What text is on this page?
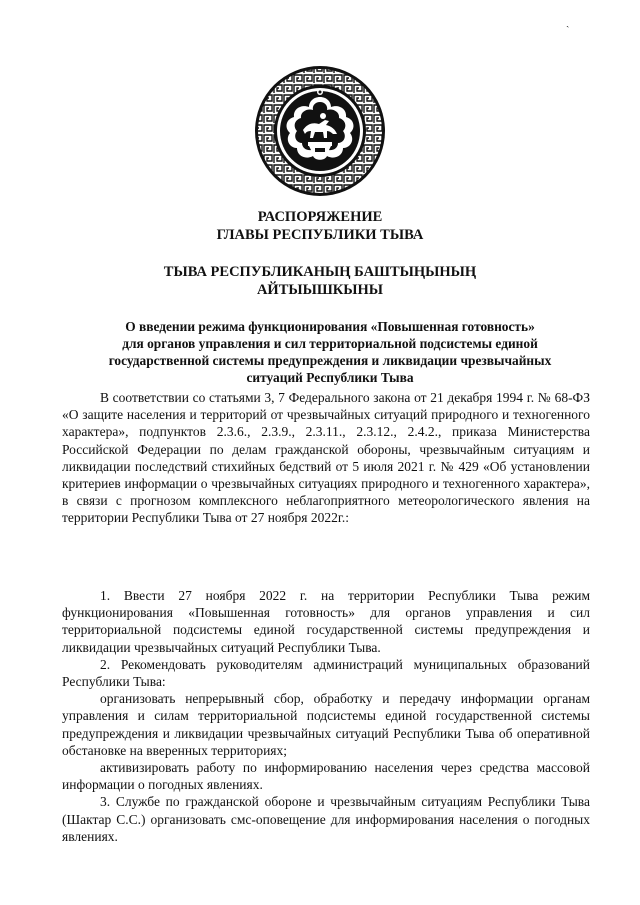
ˎ
РАСПОРЯЖЕНИЕ
ГЛАВЫ РЕСПУБЛИКИ ТЫВА
ТЫВА РЕСПУБЛИКАНЫҢ БАШТЫҢЫНЫҢ
АЙТЫЫШКЫНЫ
О введении режима функционирования «Повышенная готовность»
для органов управления и сил территориальной подсистемы единой
государственной системы предупреждения и ликвидации чрезвычайных
ситуаций Республики Тыва

В соответствии со статьями 3, 7 Федерального закона от 21 декабря 1994 г. № 68-ФЗ «О защите населения и территорий от чрезвычайных ситуаций природного и техногенного характера», подпунктов 2.3.6., 2.3.9., 2.3.11., 2.3.12., 2.4.2., приказа Министерства Российской Федерации по делам гражданской обороны, чрезвычайным ситуациям и ликвидации последствий стихийных бедствий от 5 июля 2021 г. № 429 «Об установлении критериев информации о чрезвычайных ситуациях природного и техногенного характера», в связи с прогнозом комплексного неблагоприятного метеорологического явления на территории Республики Тыва от 27 ноября 2022г.:

1. Ввести 27 ноября 2022 г. на территории Республики Тыва режим функционирования «Повышенная готовность» для органов управления и сил территориальной подсистемы единой государственной системы предупреждения и ликвидации чрезвычайных ситуаций Республики Тыва.

2. Рекомендовать руководителям администраций муниципальных образований Республики Тыва:

организовать непрерывный сбор, обработку и передачу информации органам управления и силам территориальной подсистемы единой государственной системы предупреждения и ликвидации чрезвычайных ситуаций Республики Тыва об оперативной обстановке на вверенных территориях;

активизировать работу по информированию населения через средства массовой информации о погодных явлениях.

3. Службе по гражданской обороне и чрезвычайным ситуациям Республики Тыва (Шактар С.С.) организовать смс-оповещение для информирования населения о погодных явлениях.
